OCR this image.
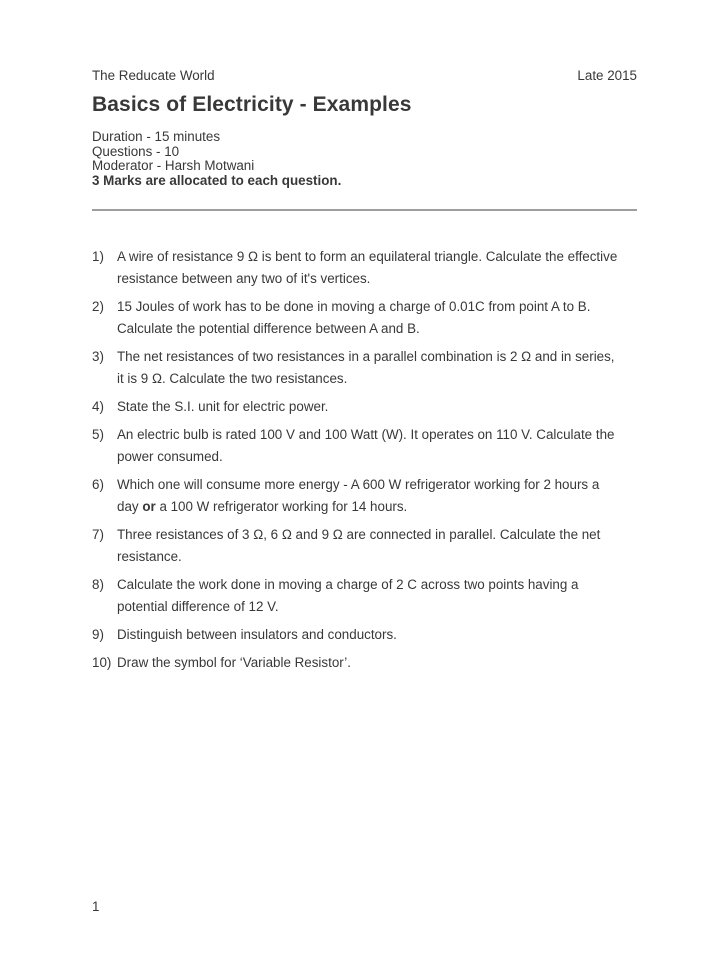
The Reducate World	Late 2015
Basics of Electricity - Examples
Duration - 15 minutes
Questions - 10
Moderator - Harsh Motwani
3 Marks are allocated to each question.
1) A wire of resistance 9 Ω is bent to form an equilateral triangle. Calculate the effective
resistance between any two of it's vertices.
2) 15 Joules of work has to be done in moving a charge of 0.01C from point A to B.
Calculate the potential difference between A and B.
3) The net resistances of two resistances in a parallel combination is 2 Ω and in series,
it is 9 Ω. Calculate the two resistances.
4) State the S.I. unit for electric power.
5) An electric bulb is rated 100 V and 100 Watt (W). It operates on 110 V. Calculate the
power consumed.
6) Which one will consume more energy - A 600 W refrigerator working for 2 hours a
day or a 100 W refrigerator working for 14 hours.
7) Three resistances of 3 Ω, 6 Ω and 9 Ω are connected in parallel. Calculate the net
resistance.
8) Calculate the work done in moving a charge of 2 C across two points having a
potential difference of 12 V.
9) Distinguish between insulators and conductors.
10) Draw the symbol for ‘Variable Resistor’.
1
